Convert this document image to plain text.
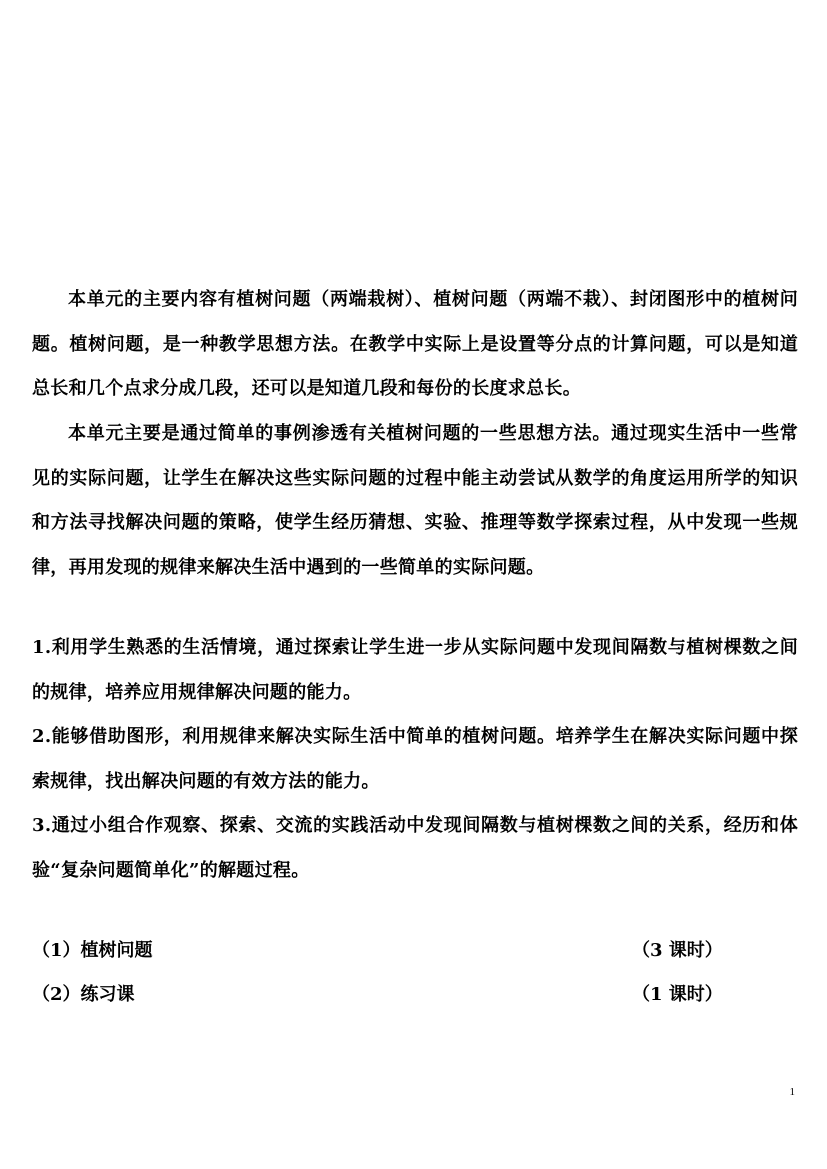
本单元的主要内容有植树问题（两端栽树）、植树问题（两端不栽）、封闭图形中的植树问题。植树问题，是一种教学思想方法。在教学中实际上是设置等分点的计算问题，可以是知道总长和几个点求分成几段，还可以是知道几段和每份的长度求总长。

本单元主要是通过简单的事例渗透有关植树问题的一些思想方法。通过现实生活中一些常见的实际问题，让学生在解决这些实际问题的过程中能主动尝试从数学的角度运用所学的知识和方法寻找解决问题的策略，使学生经历猜想、实验、推理等数学探索过程，从中发现一些规律，再用发现的规律来解决生活中遇到的一些简单的实际问题。

1.利用学生熟悉的生活情境，通过探索让学生进一步从实际问题中发现间隔数与植树棵数之间的规律，培养应用规律解决问题的能力。

2.能够借助图形，利用规律来解决实际生活中简单的植树问题。培养学生在解决实际问题中探索规律，找出解决问题的有效方法的能力。

3.通过小组合作观察、探索、交流的实践活动中发现间隔数与植树棵数之间的关系，经历和体验“复杂问题简单化”的解题过程。

（1）植树问题	（3 课时）
（2）练习课	（1 课时）
1
